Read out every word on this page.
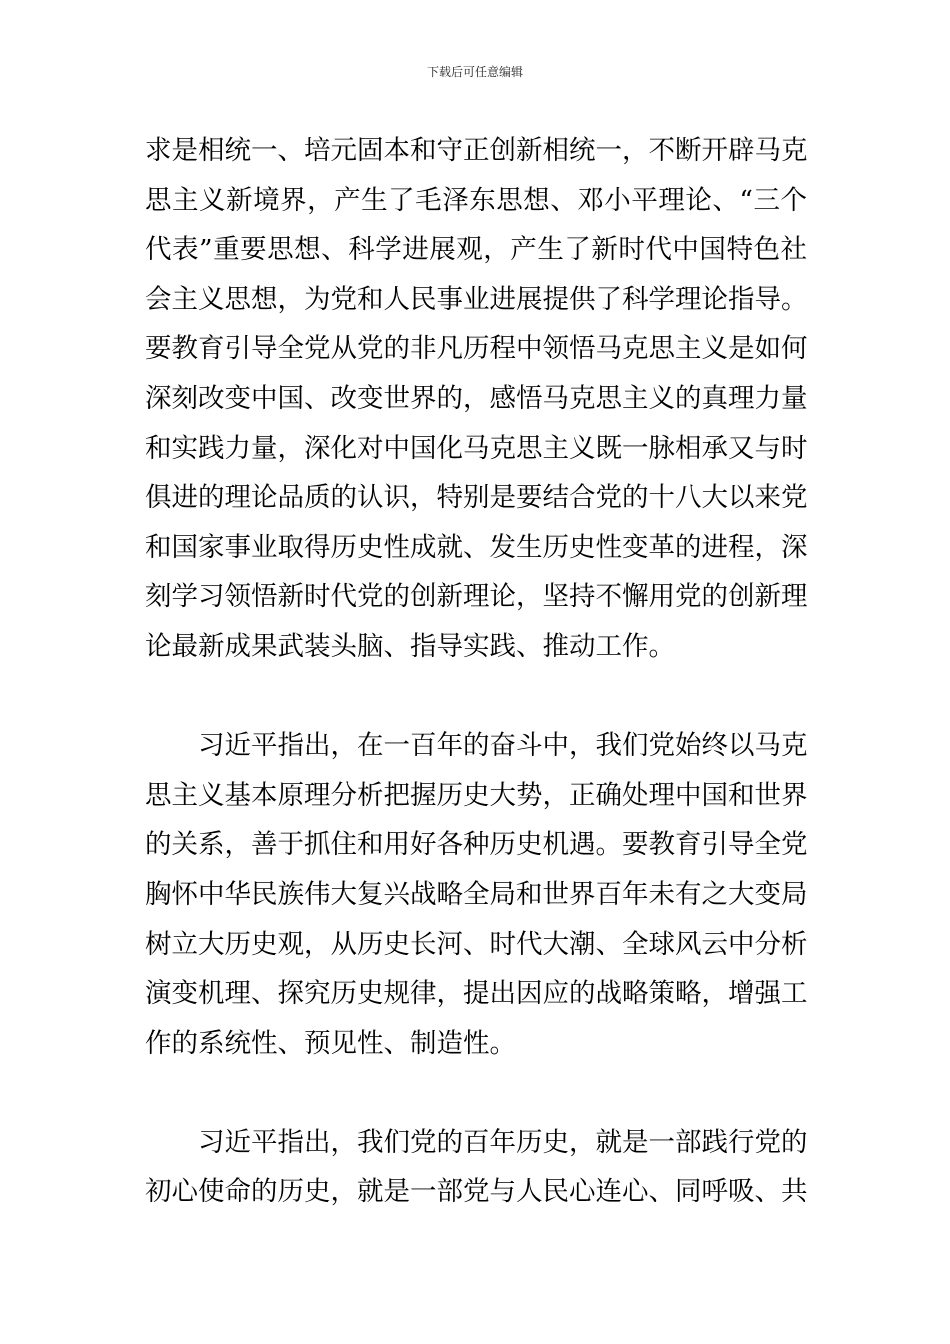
下载后可任意编辑
求是相统一、培元固本和守正创新相统一，不断开辟马克
思主义新境界，产生了毛泽东思想、邓小平理论、“三个
代表”重要思想、科学进展观，产生了新时代中国特色社
会主义思想，为党和人民事业进展提供了科学理论指导。
要教育引导全党从党的非凡历程中领悟马克思主义是如何
深刻改变中国、改变世界的，感悟马克思主义的真理力量
和实践力量，深化对中国化马克思主义既一脉相承又与时
俱进的理论品质的认识，特别是要结合党的十八大以来党
和国家事业取得历史性成就、发生历史性变革的进程，深
刻学习领悟新时代党的创新理论，坚持不懈用党的创新理
论最新成果武装头脑、指导实践、推动工作。
习近平指出，在一百年的奋斗中，我们党始终以马克
思主义基本原理分析把握历史大势，正确处理中国和世界
的关系，善于抓住和用好各种历史机遇。要教育引导全党
胸怀中华民族伟大复兴战略全局和世界百年未有之大变局
树立大历史观，从历史长河、时代大潮、全球风云中分析
演变机理、探究历史规律，提出因应的战略策略，增强工
作的系统性、预见性、制造性。
习近平指出，我们党的百年历史，就是一部践行党的
初心使命的历史，就是一部党与人民心连心、同呼吸、共
